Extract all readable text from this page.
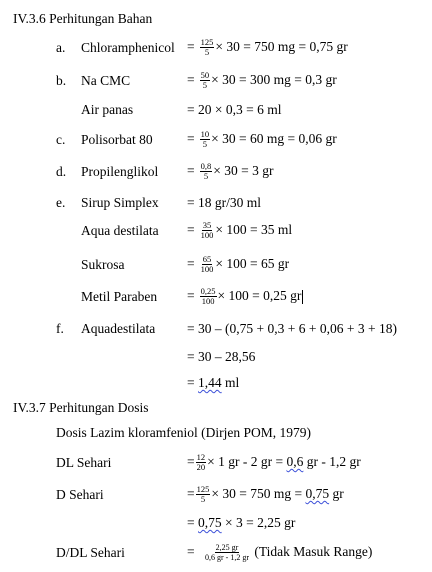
IV.3.6 Perhitungan Bahan
a. Chloramphenicol = $\frac{125}{5} \times 30 = 750$ mg = 0,75 gr
b. Na CMC	= $\frac{50}{5} \times 30 = 300$ mg = 0,3 gr
Air panas	= 20 × 0,3 = 6 ml
c. Polisorbat 80	= $\frac{10}{5} \times 30 = 60$ mg = 0,06 gr
d. Propilenglikol = $\frac{0,8}{5} \times 30 = 3$ gr
e. Sirup Simplex = 18 gr/30 ml
Aqua destilata = $\frac{35}{100} \times 100 = 35$ ml
Sukrosa	= $\frac{65}{100} \times 100 = 65$ gr
Metil Paraben = $\frac{0,25}{100} \times 100 = 0,25$ gr
f. Aquadestilata = 30 – (0,75 + 0,3 + 6 + 0,06 + 3 + 18)
= 30 – 28,56
= 1,44 ml
IV.3.7 Perhitungan Dosis
Dosis Lazim kloramfeniol (Dirjen POM, 1979)
DL Sehari	= $\frac{12}{20} \times 1$ gr - 2 gr = 0,6 gr - 1,2 gr
D Sehari	= $\frac{125}{5} \times 30 = 750$ mg = 0,75 gr
= 0,75 × 3 = 2,25 gr
D/DL Sehari	= $\frac{2,25 gr}{0,6 gr - 1,2 gr}$ (Tidak Masuk Range)
